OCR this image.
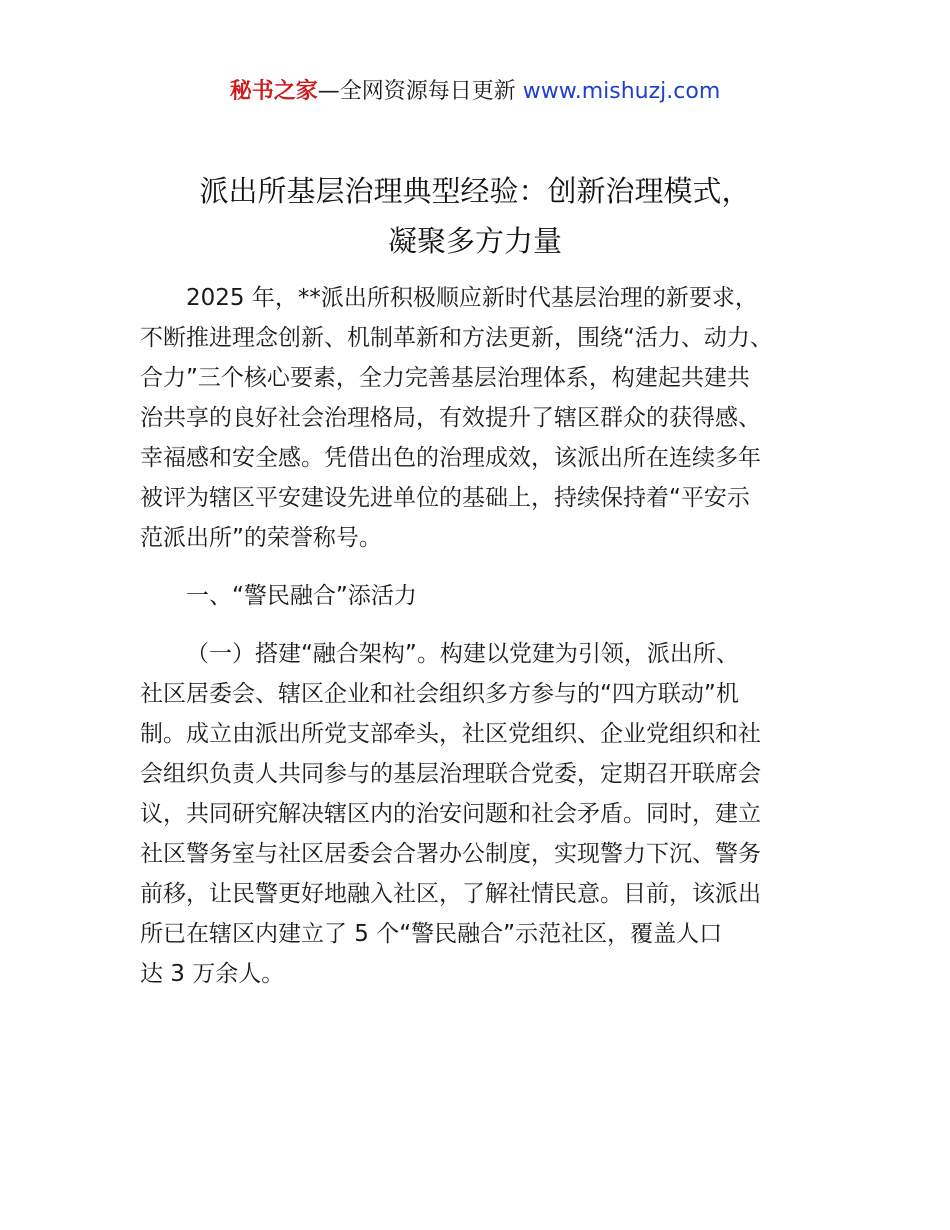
秘书之家—全网资源每日更新 www.mishuzj.com
派出所基层治理典型经验：创新治理模式，
凝聚多方力量
2025 年，**派出所积极顺应新时代基层治理的新要求，
不断推进理念创新、机制革新和方法更新，围绕“活力、动力、
合力”三个核心要素，全力完善基层治理体系，构建起共建共
治共享的良好社会治理格局，有效提升了辖区群众的获得感、
幸福感和安全感。凭借出色的治理成效，该派出所在连续多年
被评为辖区平安建设先进单位的基础上，持续保持着“平安示
范派出所”的荣誉称号。
一、“警民融合”添活力
（一）搭建“融合架构”。构建以党建为引领，派出所、
社区居委会、辖区企业和社会组织多方参与的“四方联动”机
制。成立由派出所党支部牵头，社区党组织、企业党组织和社
会组织负责人共同参与的基层治理联合党委，定期召开联席会
议，共同研究解决辖区内的治安问题和社会矛盾。同时，建立
社区警务室与社区居委会合署办公制度，实现警力下沉、警务
前移，让民警更好地融入社区，了解社情民意。目前，该派出
所已在辖区内建立了 5 个“警民融合”示范社区，覆盖人口
达 3 万余人。
